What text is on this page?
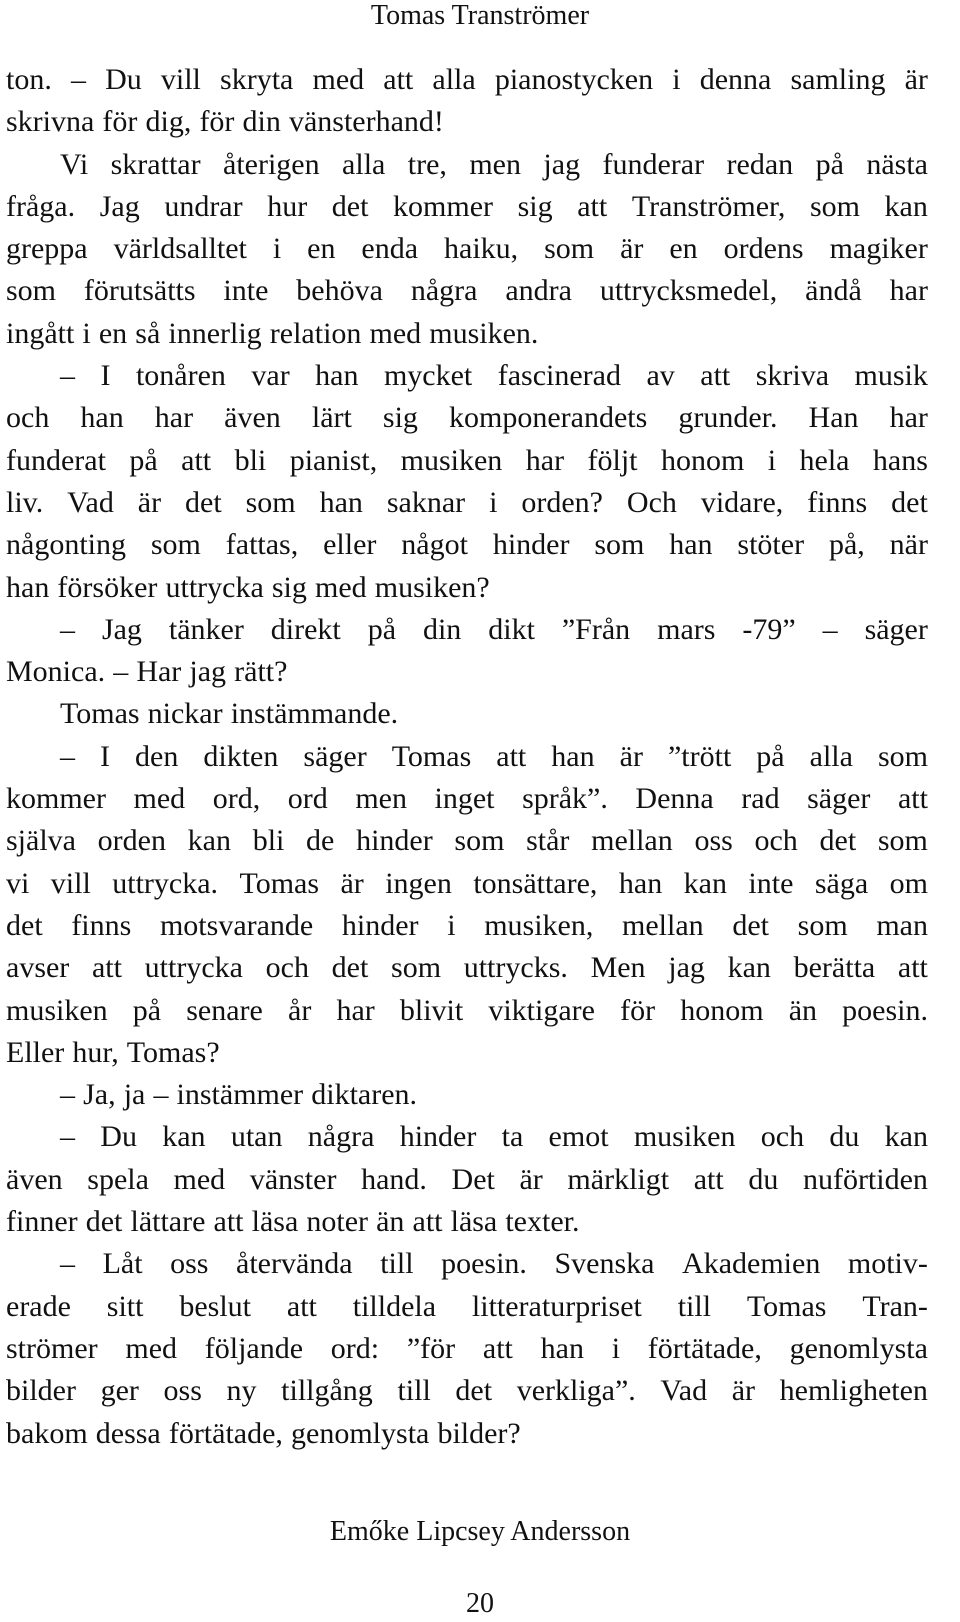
Tomas Tranströmer
ton. – Du vill skryta med att alla pianostycken i denna samling är
skrivna för dig, för din vänsterhand!
Vi skrattar återigen alla tre, men jag funderar redan på nästa
fråga. Jag undrar hur det kommer sig att Tranströmer, som kan
greppa världsalltet i en enda haiku, som är en ordens magiker
som förutsätts inte behöva några andra uttrycksmedel, ändå har
ingått i en så innerlig relation med musiken.
– I tonåren var han mycket fascinerad av att skriva musik
och han har även lärt sig komponerandets grunder. Han har
funderat på att bli pianist, musiken har följt honom i hela hans
liv. Vad är det som han saknar i orden? Och vidare, finns det
någonting som fattas, eller något hinder som han stöter på, när
han försöker uttrycka sig med musiken?
– Jag tänker direkt på din dikt ”Från mars -79” – säger
Monica. – Har jag rätt?
Tomas nickar instämmande.
– I den dikten säger Tomas att han är ”trött på alla som
kommer med ord, ord men inget språk”. Denna rad säger att
själva orden kan bli de hinder som står mellan oss och det som
vi vill uttrycka. Tomas är ingen tonsättare, han kan inte säga om
det finns motsvarande hinder i musiken, mellan det som man
avser att uttrycka och det som uttrycks. Men jag kan berätta att
musiken på senare år har blivit viktigare för honom än poesin.
Eller hur, Tomas?
– Ja, ja – instämmer diktaren.
– Du kan utan några hinder ta emot musiken och du kan
även spela med vänster hand. Det är märkligt att du nuförtiden
finner det lättare att läsa noter än att läsa texter.
– Låt oss återvända till poesin. Svenska Akademien motiv-
erade sitt beslut att tilldela litteraturpriset till Tomas Tran-
strömer med följande ord: ”för att han i förtätade, genomlysta
bilder ger oss ny tillgång till det verkliga”. Vad är hemligheten
bakom dessa förtätade, genomlysta bilder?
Emőke Lipcsey Andersson
20
